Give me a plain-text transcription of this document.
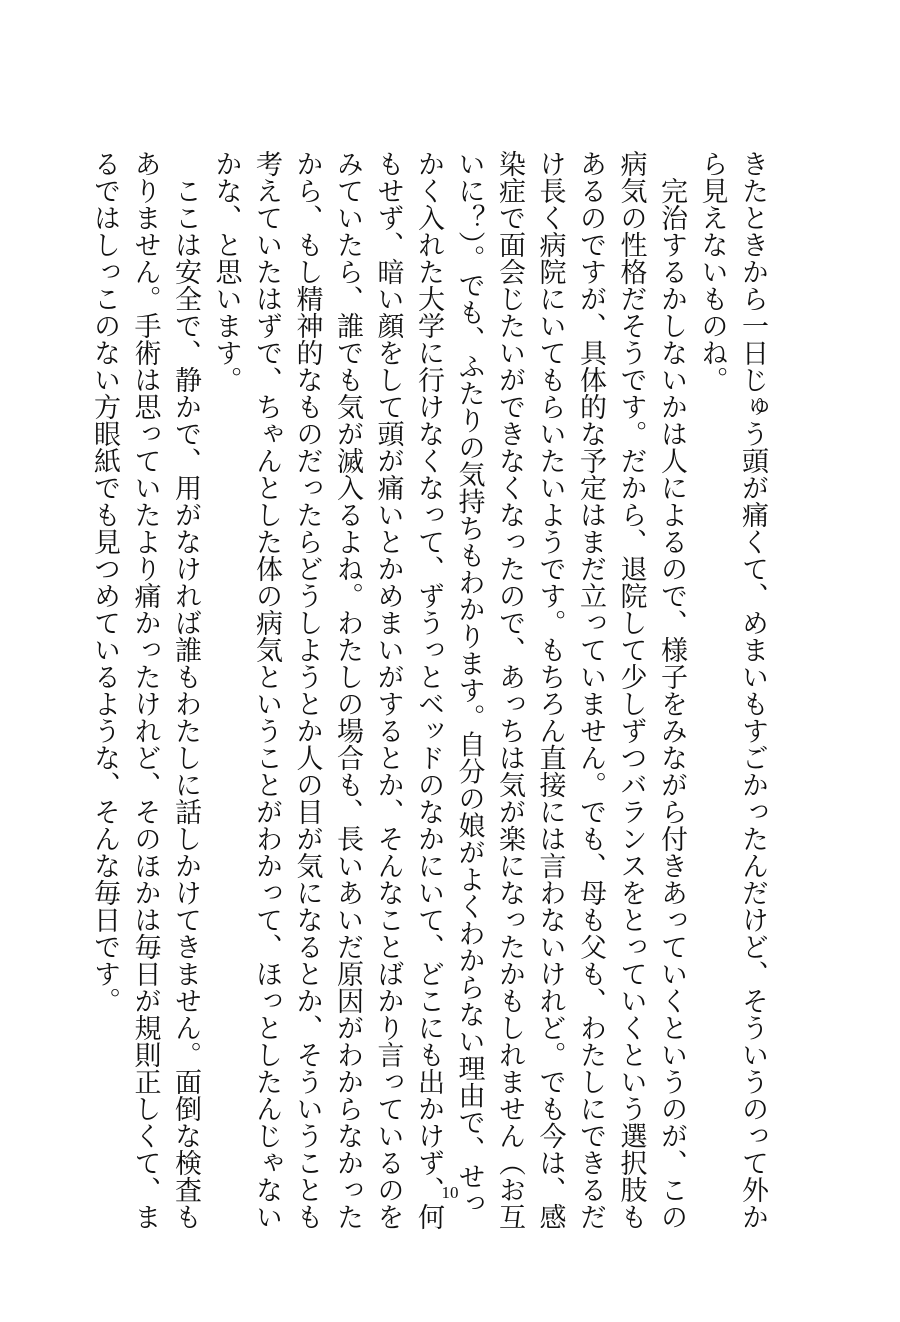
きたときから一日じゅう頭が痛くて、めまいもすごかったんだけど、そういうのって外か
ら見えないものね。
　完治するかしないかは人によるので、様子をみながら付きあっていくというのが、この
病気の性格だそうです。だから、退院して少しずつバランスをとっていくという選択肢も
あるのですが、具体的な予定はまだ立っていません。でも、母も父も、わたしにできるだ
け長く病院にいてもらいたいようです。もちろん直接には言わないけれど。でも今は、感
染症で面会じたいができなくなったので、あっちは気が楽になったかもしれません（お互
いに？）。でも、ふたりの気持ちもわかります。自分の娘がよくわからない理由で、せっ
かく入れた大学に行けなくなって、ずうっとベッドのなかにいて、どこにも出かけず、何
もせず、暗い顔をして頭が痛いとかめまいがするとか、そんなことばかり言っているのを
みていたら、誰でも気が滅入るよね。わたしの場合も、長いあいだ原因がわからなかった
から、もし精神的なものだったらどうしようとか人の目が気になるとか、そういうことも
考えていたはずで、ちゃんとした体の病気ということがわかって、ほっとしたんじゃない
かな、と思います。
　ここは安全で、静かで、用がなければ誰もわたしに話しかけてきません。面倒な検査も
ありません。手術は思っていたより痛かったけれど、そのほかは毎日が規則正しくて、ま
るではしっこのない方眼紙でも見つめているような、そんな毎日です。
10
